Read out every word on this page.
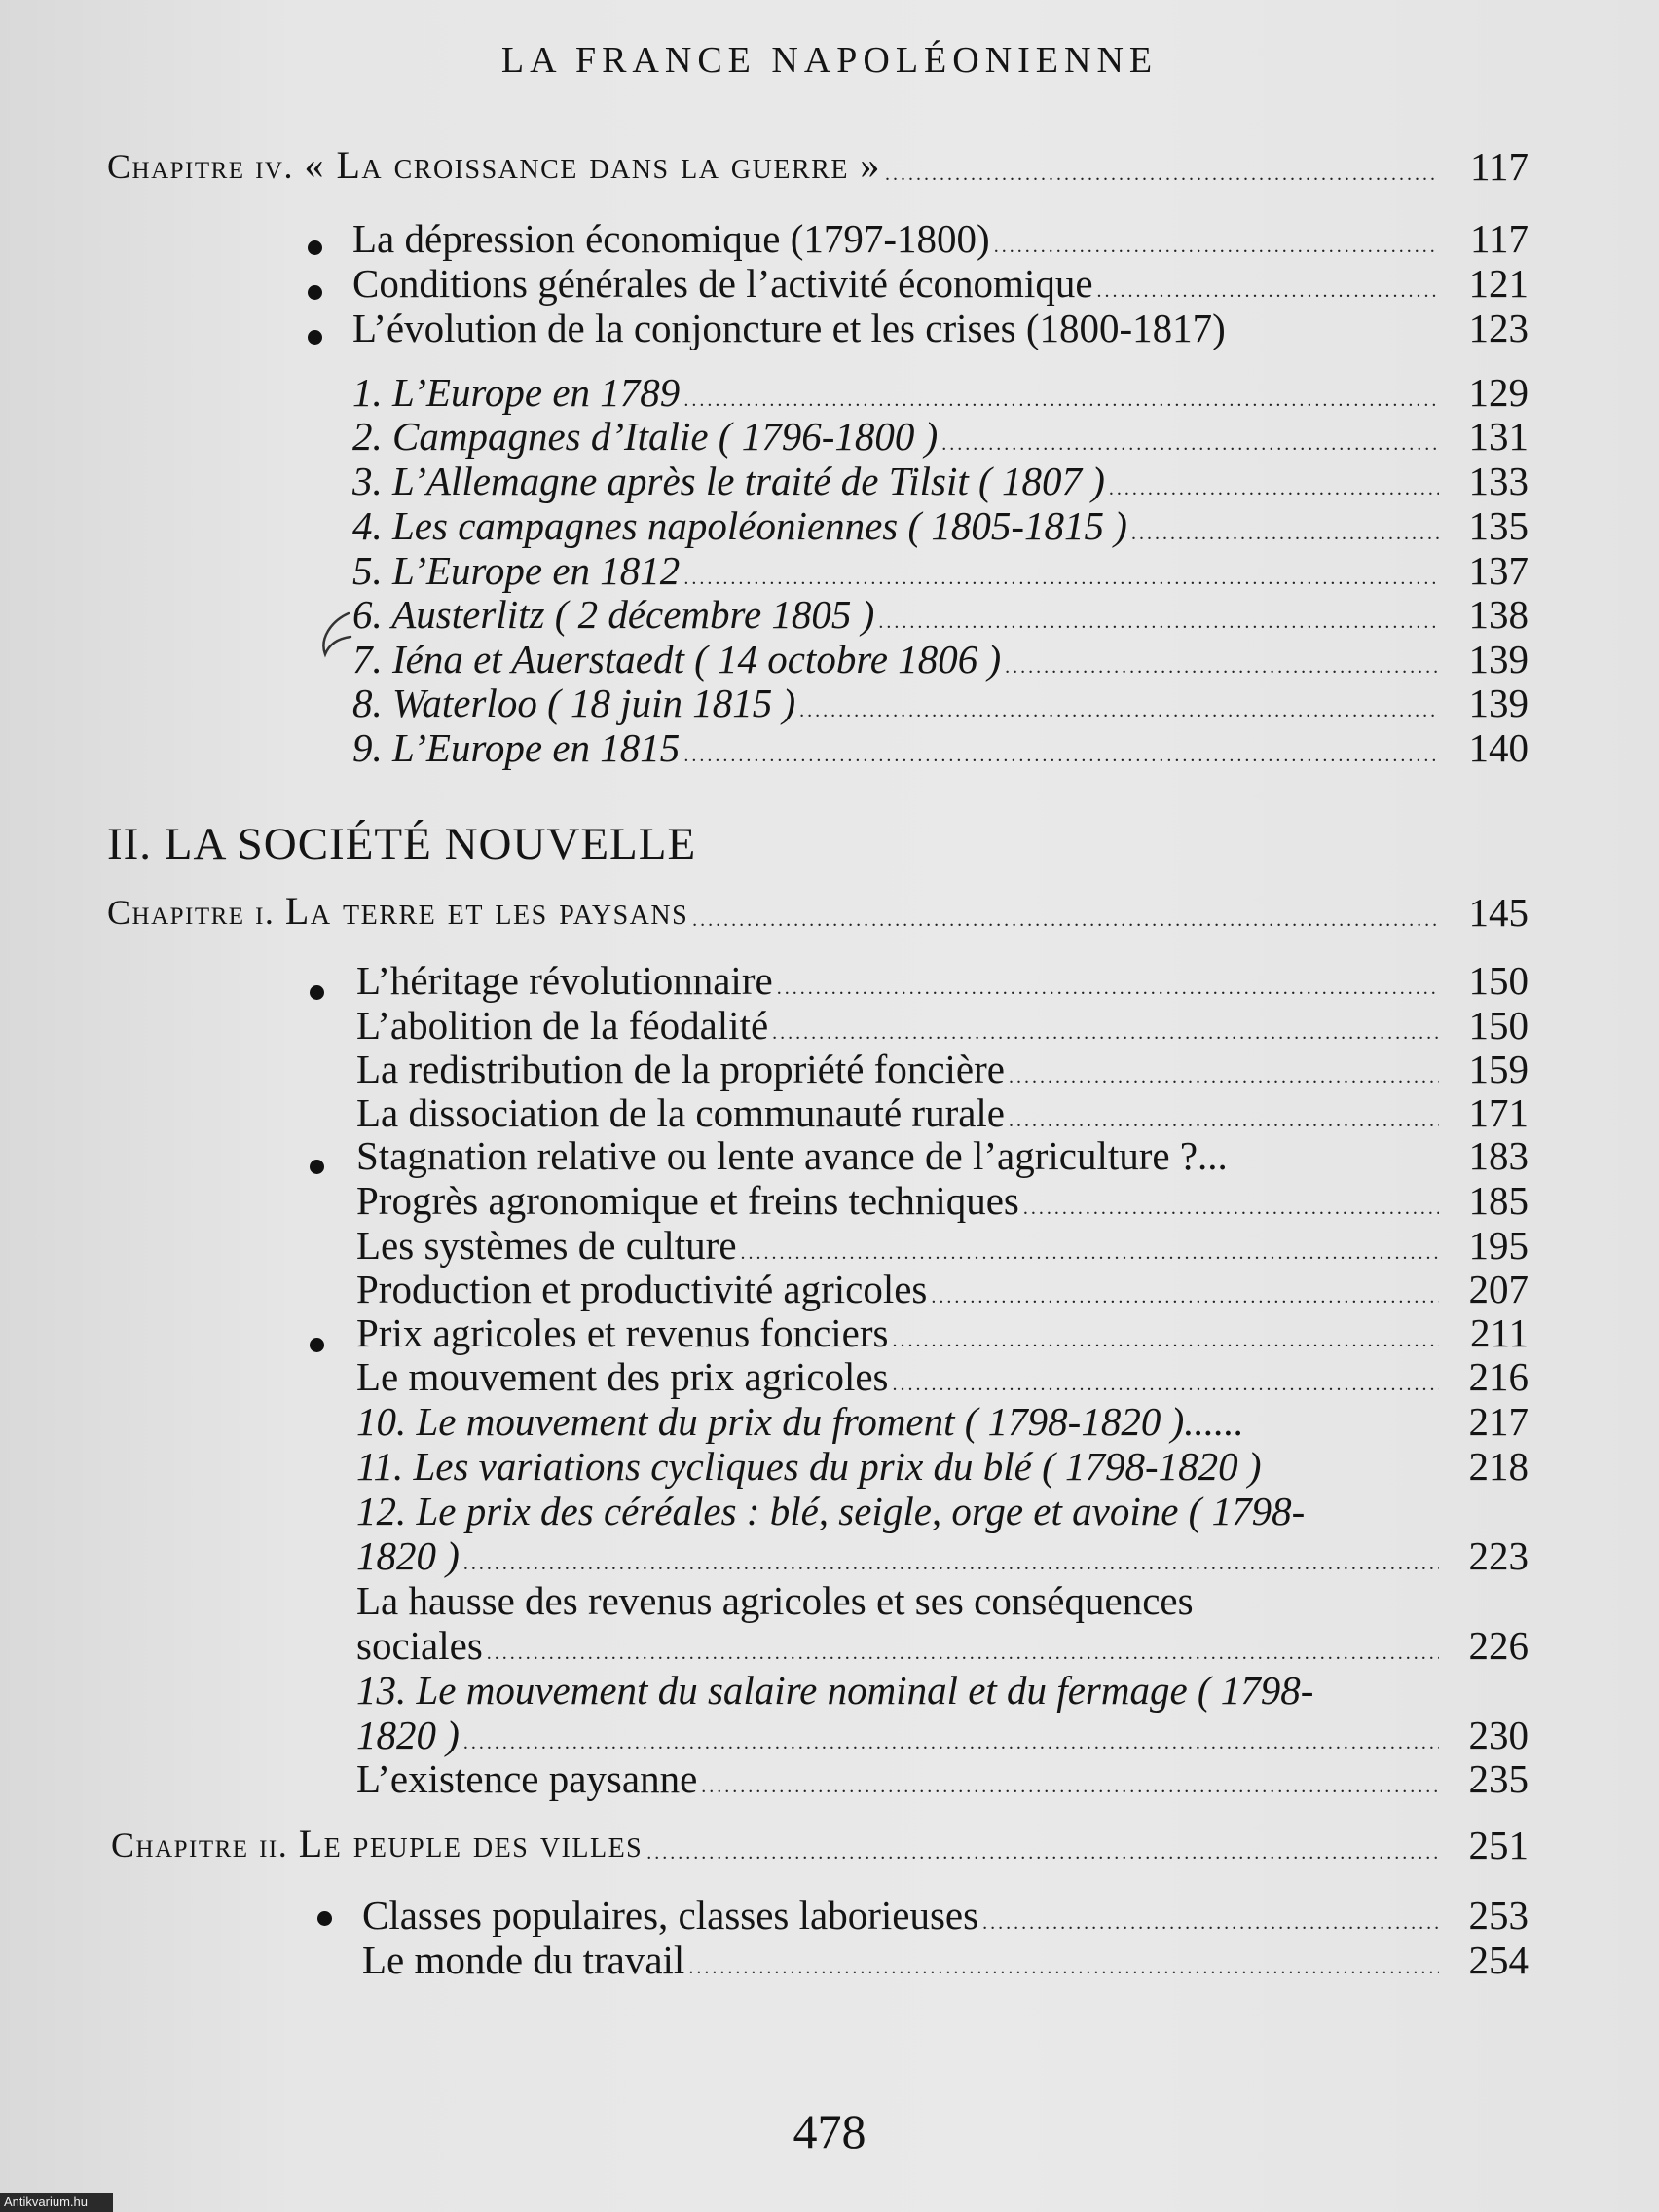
LA FRANCE NAPOLÉONIENNE
Chapitre iv. « La croissance dans la guerre » .....	117
La dépression économique (1797-1800) .....	117
Conditions générales de l’activité économique .....	121
L’évolution de la conjoncture et les crises (1800-1817)	123
1. L’Europe en 1789 .....	129
2. Campagnes d’Italie ( 1796-1800 ) .....	131
3. L’Allemagne après le traité de Tilsit ( 1807 ) .....	133
4. Les campagnes napoléoniennes ( 1805-1815 ) .....	135
5. L’Europe en 1812 .....	137
6. Austerlitz ( 2 décembre 1805 ) .....	138
7. Iéna et Auerstaedt ( 14 octobre 1806 ) .....	139
8. Waterloo ( 18 juin 1815 ) .....	139
9. L’Europe en 1815 .....	140
II. LA SOCIÉTÉ NOUVELLE
Chapitre i. La terre et les paysans .....	145
L’héritage révolutionnaire .....	150
L’abolition de la féodalité .....	150
La redistribution de la propriété foncière .....	159
La dissociation de la communauté rurale .....	171
Stagnation relative ou lente avance de l’agriculture ?...	183
Progrès agronomique et freins techniques .....	185
Les systèmes de culture .....	195
Production et productivité agricoles .....	207
Prix agricoles et revenus fonciers .....	211
Le mouvement des prix agricoles .....	216
10. Le mouvement du prix du froment ( 1798-1820 )......	217
11. Les variations cycliques du prix du blé ( 1798-1820 )	218
12. Le prix des céréales : blé, seigle, orge et avoine ( 1798-
1820 ) .....	223
La hausse des revenus agricoles et ses conséquences
sociales .....	226
13. Le mouvement du salaire nominal et du fermage ( 1798-
1820 ) .....	230
L’existence paysanne .....	235
Chapitre ii. Le peuple des villes .....	251
Classes populaires, classes laborieuses .....	253
Le monde du travail .....	254
478
Antikvarium.hu
